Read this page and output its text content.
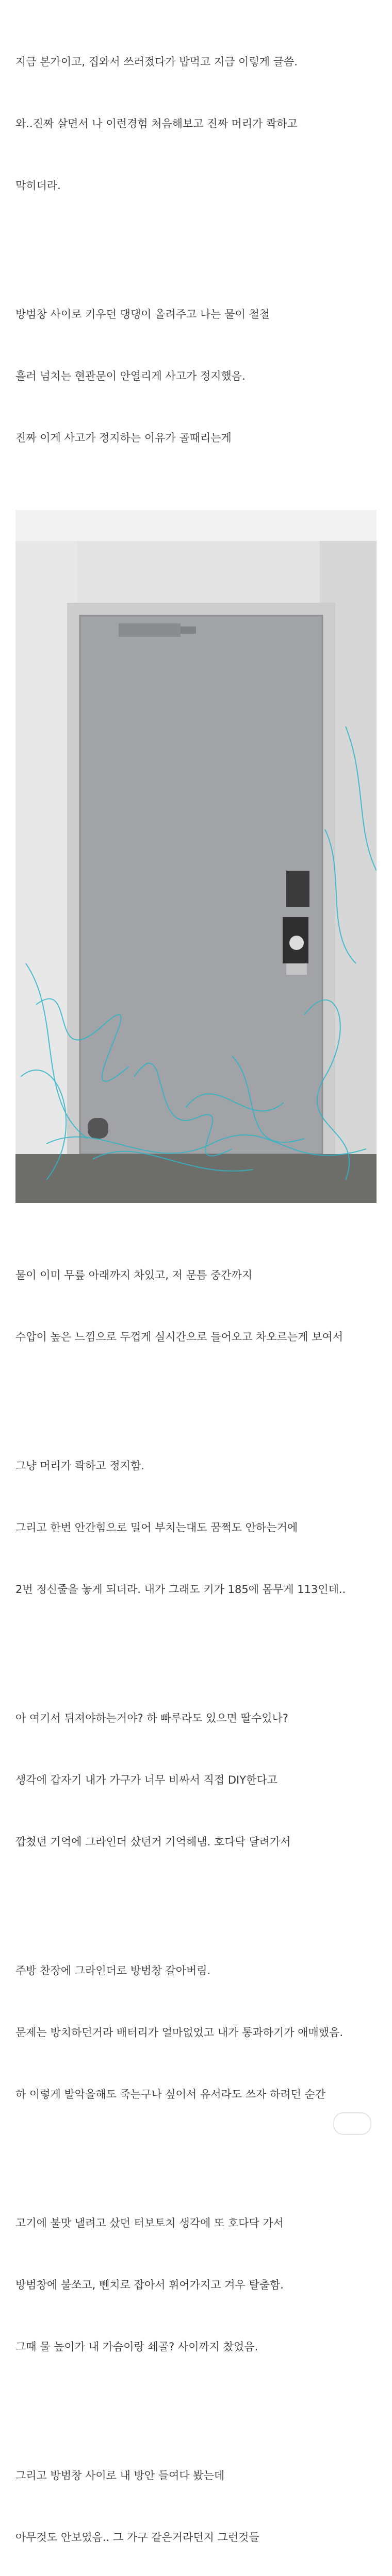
지금 본가이고, 집와서 쓰러젔다가 밥먹고 지금 이렇게 글씀.

와..진짜 살면서 나 이런경험 처음해보고 진짜 머리가 콱하고

막히더라.

방범창 사이로 키우던 댕댕이 올려주고 나는 물이 철철

흘러 넘치는 현관문이 안열리게 사고가 정지했음.

진짜 이게 사고가 정지하는 이유가 골때리는게

물이 이미 무릎 아래까지 차있고, 저 문틈 중간까지

수압이 높은 느낌으로 두껍게 실시간으로 들어오고 차오르는게 보여서

그냥 머리가 콱하고 정지함.

그리고 한번 안간힘으로 밀어 부치는대도 꿈쩍도 안하는거에

2번 정신줄을 놓게 되더라. 내가 그래도 키가 185에 몸무게 113인데..

아 여기서 뒤져야하는거야? 하 빠루라도 있으면 딸수있나?

생각에 갑자기 내가 가구가 너무 비싸서 직접 DIY한다고

깝쳤던 기억에 그라인더 샀던거 기억해냄. 호다닥 달려가서

주방 찬장에 그라인더로 방범창 갈아버림.

문제는 방치하던거라 배터리가 얼마없었고 내가 통과하기가 애매했음.

하 이렇게 발악을해도 죽는구나 싶어서 유서라도 쓰자 하려던 순간

고기에 불맛 낼려고 샀던 터보토치 생각에 또 호다닥 가서

방범창에 불쏘고, 뻰치로 잡아서 휘어가지고 겨우 탈출함.

그때 물 높이가 내 가슴이랑 쇄골? 사이까지 찼었음.

그리고 방범창 사이로 내 방안 들여다 봤는데

아무것도 안보였음.. 그 가구 같은거라던지 그런것들
